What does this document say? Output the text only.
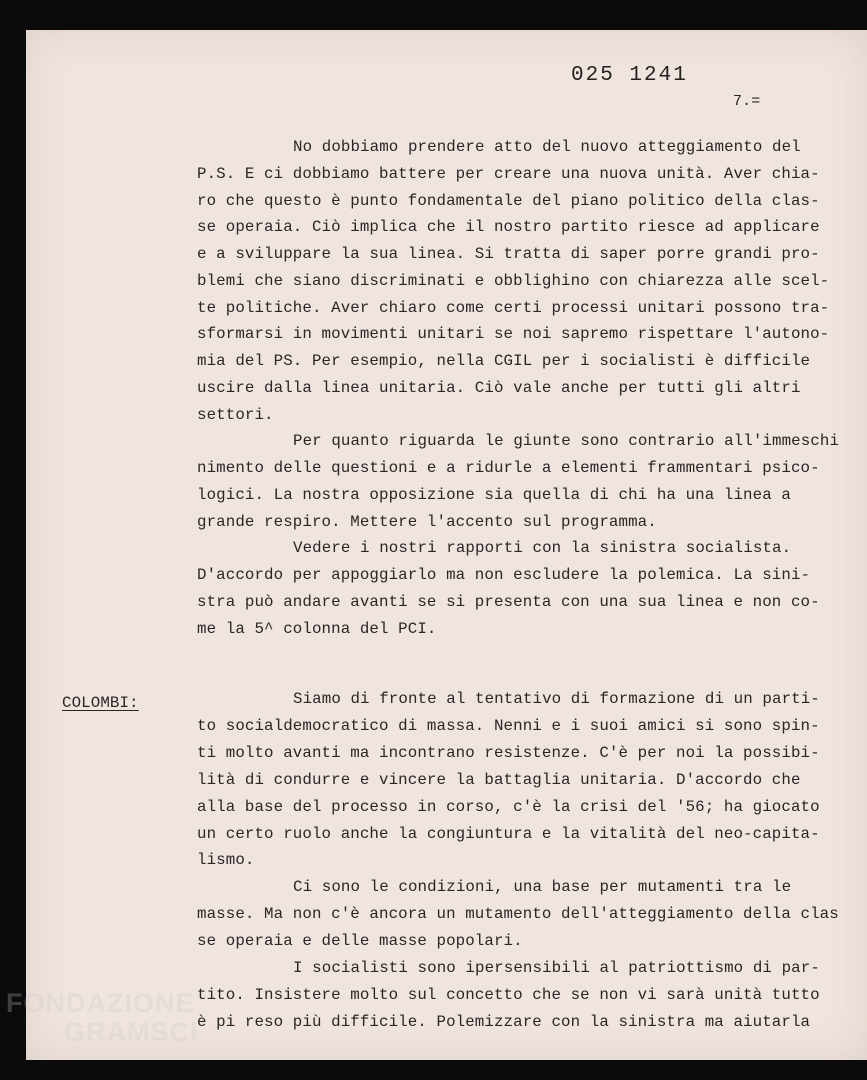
025 1241

7.=

No dobbiamo prendere atto del nuovo atteggiamento del
P.S. E ci dobbiamo battere per creare una nuova unità. Aver chia-
ro che questo è punto fondamentale del piano politico della clas-
se operaia. Ciò implica che il nostro partito riesce ad applicare
e a sviluppare la sua linea. Si tratta di saper porre grandi pro-
blemi che siano discriminati e obblighino con chiarezza alle scel-
te politiche. Aver chiaro come certi processi unitari possono tra-
sformarsi in movimenti unitari se noi sapremo rispettare l'autono-
mia del PS. Per esempio, nella CGIL per i socialisti è difficile
uscire dalla linea unitaria. Ciò vale anche per tutti gli altri
settori.
Per quanto riguarda le giunte sono contrario all'immeschi
nimento delle questioni e a ridurle a elementi frammentari psico-
logici. La nostra opposizione sia quella di chi ha una linea a
grande respiro. Mettere l'accento sul programma.
Vedere i nostri rapporti con la sinistra socialista.
D'accordo per appoggiarlo ma non escludere la polemica. La sini-
stra può andare avanti se si presenta con una sua linea e non co-
me la 5^ colonna del PCI.

COLOMBI:	Siamo di fronte al tentativo di formazione di un parti-
to socialdemocratico di massa. Nenni e i suoi amici si sono spin-
ti molto avanti ma incontrano resistenze. C'è per noi la possibi-
lità di condurre e vincere la battaglia unitaria. D'accordo che
alla base del processo in corso, c'è la crisi del '56; ha giocato
un certo ruolo anche la congiuntura e la vitalità del neo-capita-
lismo.
Ci sono le condizioni, una base per mutamenti tra le
masse. Ma non c'è ancora un mutamento dell'atteggiamento della clas
se operaia e delle masse popolari.
I socialisti sono ipersensibili al patriottismo di par-
tito. Insistere molto sul concetto che se non vi sarà unità tutto
è pi reso più difficile. Polemizzare con la sinistra ma aiutarla

FONDAZIONE
GRAMSCI
